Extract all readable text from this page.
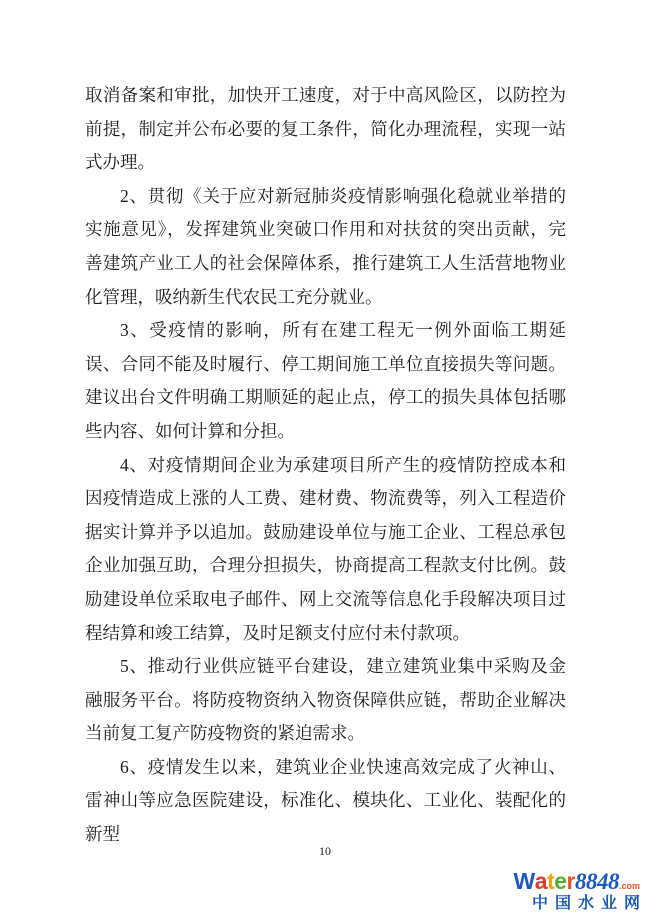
取消备案和审批，加快开工速度，对于中高风险区，以防控为前提，制定并公布必要的复工条件，简化办理流程，实现一站式办理。

2、贯彻《关于应对新冠肺炎疫情影响强化稳就业举措的实施意见》，发挥建筑业突破口作用和对扶贫的突出贡献，完善建筑产业工人的社会保障体系，推行建筑工人生活营地物业化管理，吸纳新生代农民工充分就业。

3、受疫情的影响，所有在建工程无一例外面临工期延误、合同不能及时履行、停工期间施工单位直接损失等问题。建议出台文件明确工期顺延的起止点，停工的损失具体包括哪些内容、如何计算和分担。

4、对疫情期间企业为承建项目所产生的疫情防控成本和因疫情造成上涨的人工费、建材费、物流费等，列入工程造价据实计算并予以追加。鼓励建设单位与施工企业、工程总承包企业加强互助，合理分担损失，协商提高工程款支付比例。鼓励建设单位采取电子邮件、网上交流等信息化手段解决项目过程结算和竣工结算，及时足额支付应付未付款项。

5、推动行业供应链平台建设，建立建筑业集中采购及金融服务平台。将防疫物资纳入物资保障供应链，帮助企业解决当前复工复产防疫物资的紧迫需求。

6、疫情发生以来，建筑业企业快速高效完成了火神山、雷神山等应急医院建设，标准化、模块化、工业化、装配化的新型

10
Water8848.com
中国水业网
